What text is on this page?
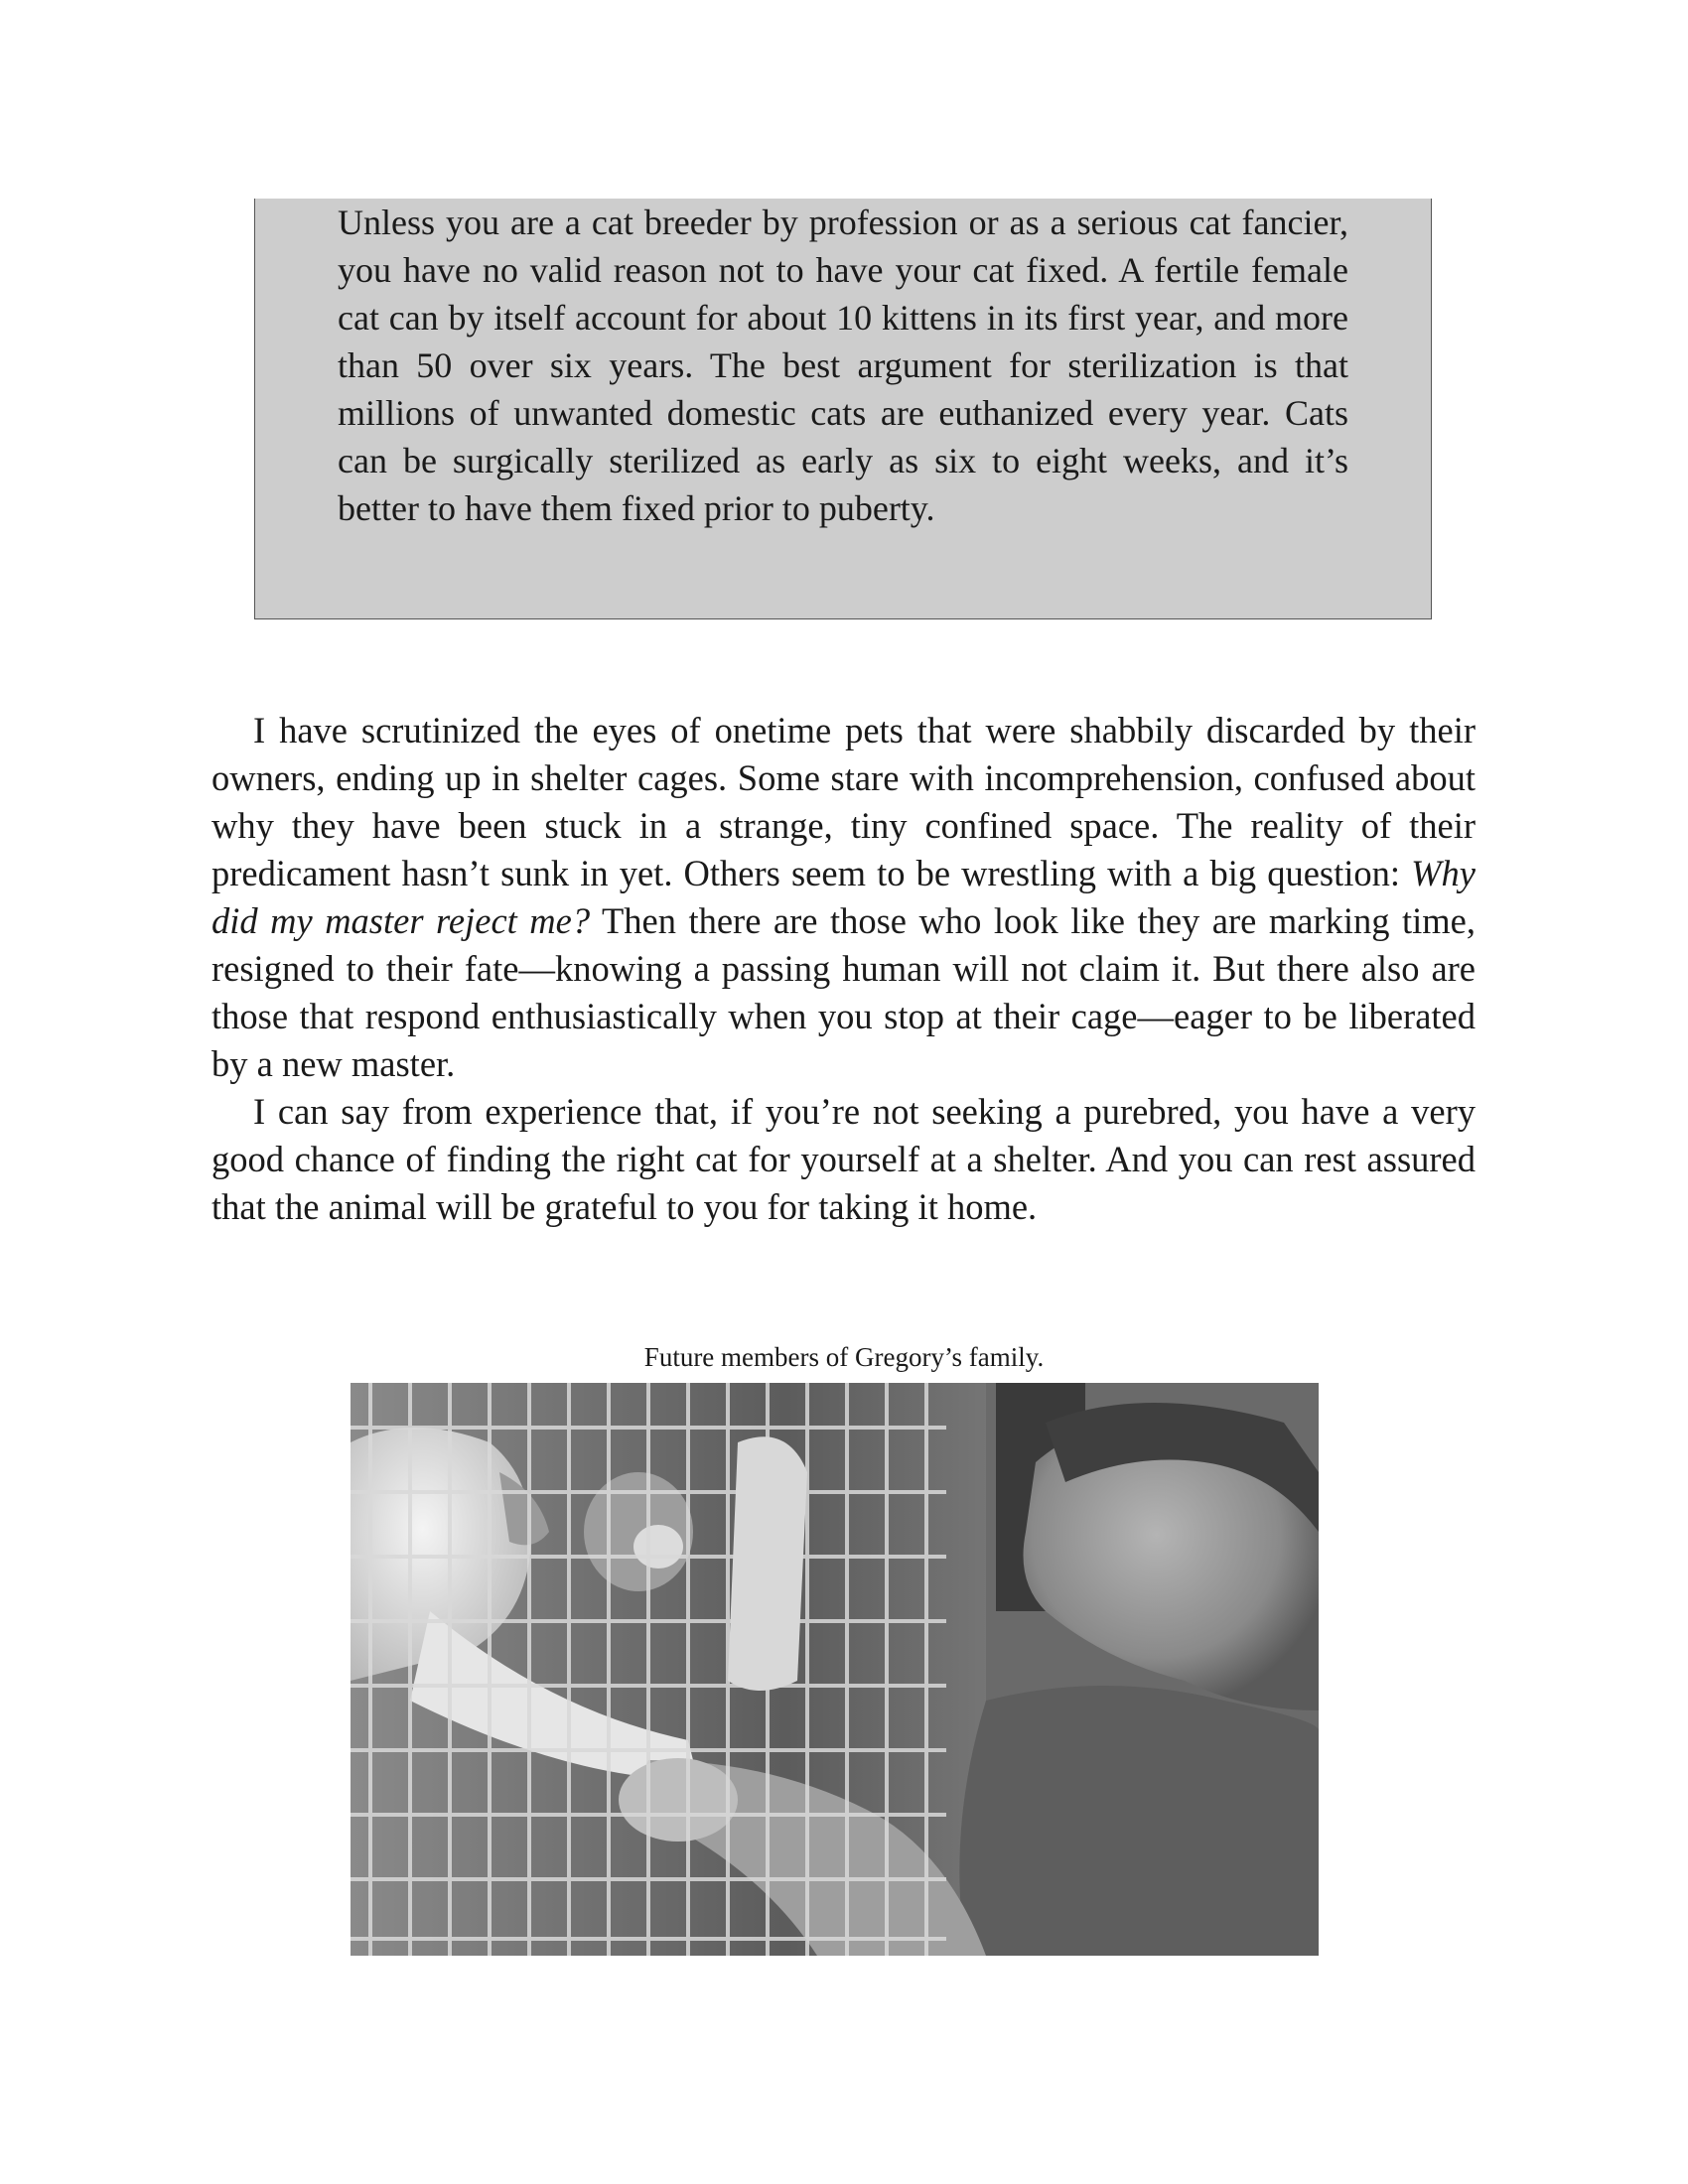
Unless you are a cat breeder by profession or as a serious cat fancier, you have no valid reason not to have your cat fixed. A fertile female cat can by itself account for about 10 kittens in its first year, and more than 50 over six years. The best argument for sterilization is that millions of unwanted domestic cats are euthanized every year. Cats can be surgically sterilized as early as six to eight weeks, and it’s better to have them fixed prior to puberty.

I have scrutinized the eyes of onetime pets that were shabbily discarded by their owners, ending up in shelter cages. Some stare with incomprehension, confused about why they have been stuck in a strange, tiny confined space. The reality of their predicament hasn’t sunk in yet. Others seem to be wrestling with a big question: Why did my master reject me? Then there are those who look like they are marking time, resigned to their fate—knowing a passing human will not claim it. But there also are those that respond enthusiastically when you stop at their cage—eager to be liberated by a new master.

I can say from experience that, if you’re not seeking a purebred, you have a very good chance of finding the right cat for yourself at a shelter. And you can rest assured that the animal will be grateful to you for taking it home.

Future members of Gregory’s family.
